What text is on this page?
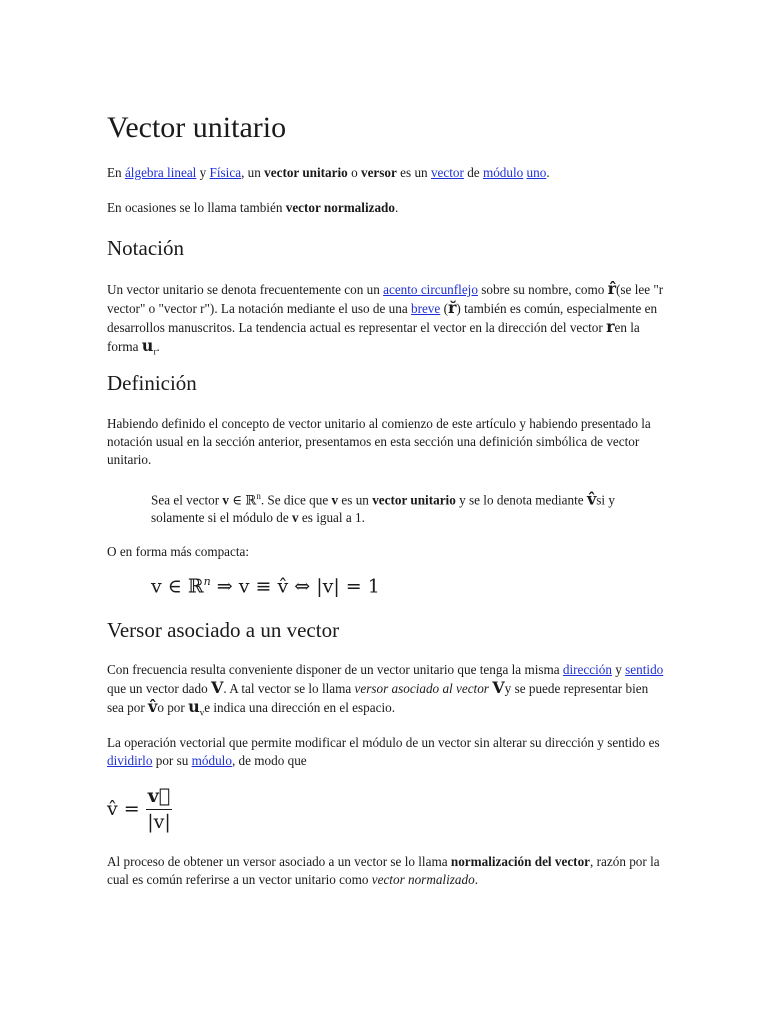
Vector unitario

En álgebra lineal y Física, un vector unitario o versor es un vector de módulo uno.

En ocasiones se lo llama también vector normalizado.

Notación

Un vector unitario se denota frecuentemente con un acento circunflejo sobre su nombre, como r̂(se lee "r vector" o "vector r"). La notación mediante el uso de una breve (r̆) también es común, especialmente en desarrollos manuscritos. La tendencia actual es representar el vector en la dirección del vector ren la forma $u_r$.

Definición

Habiendo definido el concepto de vector unitario al comienzo de este artículo y habiendo presentado la notación usual en la sección anterior, presentamos en esta sección una definición simbólica de vector unitario.

Sea el vector v ∈ ℝ$^n$. Se dice que v es un vector unitario y se lo denota mediante v̂si y solamente si el módulo de v es igual a 1.

O en forma más compacta:

v ∈ ℝ$^n$ ⇒ v ≡ v̂ ⇔ |v| = 1
Versor asociado a un vector

Con frecuencia resulta conveniente disponer de un vector unitario que tenga la misma dirección y sentido que un vector dado V. A tal vector se lo llama versor asociado al vector Vy se puede representar bien sea por v̂o por $u_ve$ indica una dirección en el espacio.

La operación vectorial que permite modificar el módulo de un vector sin alterar su dirección y sentido es dividirlo por su módulo, de modo que

v̂ = $\frac{v⃗}{|v|}$

Al proceso de obtener un versor asociado a un vector se lo llama normalización del vector, razón por la cual es común referirse a un vector unitario como vector normalizado.
